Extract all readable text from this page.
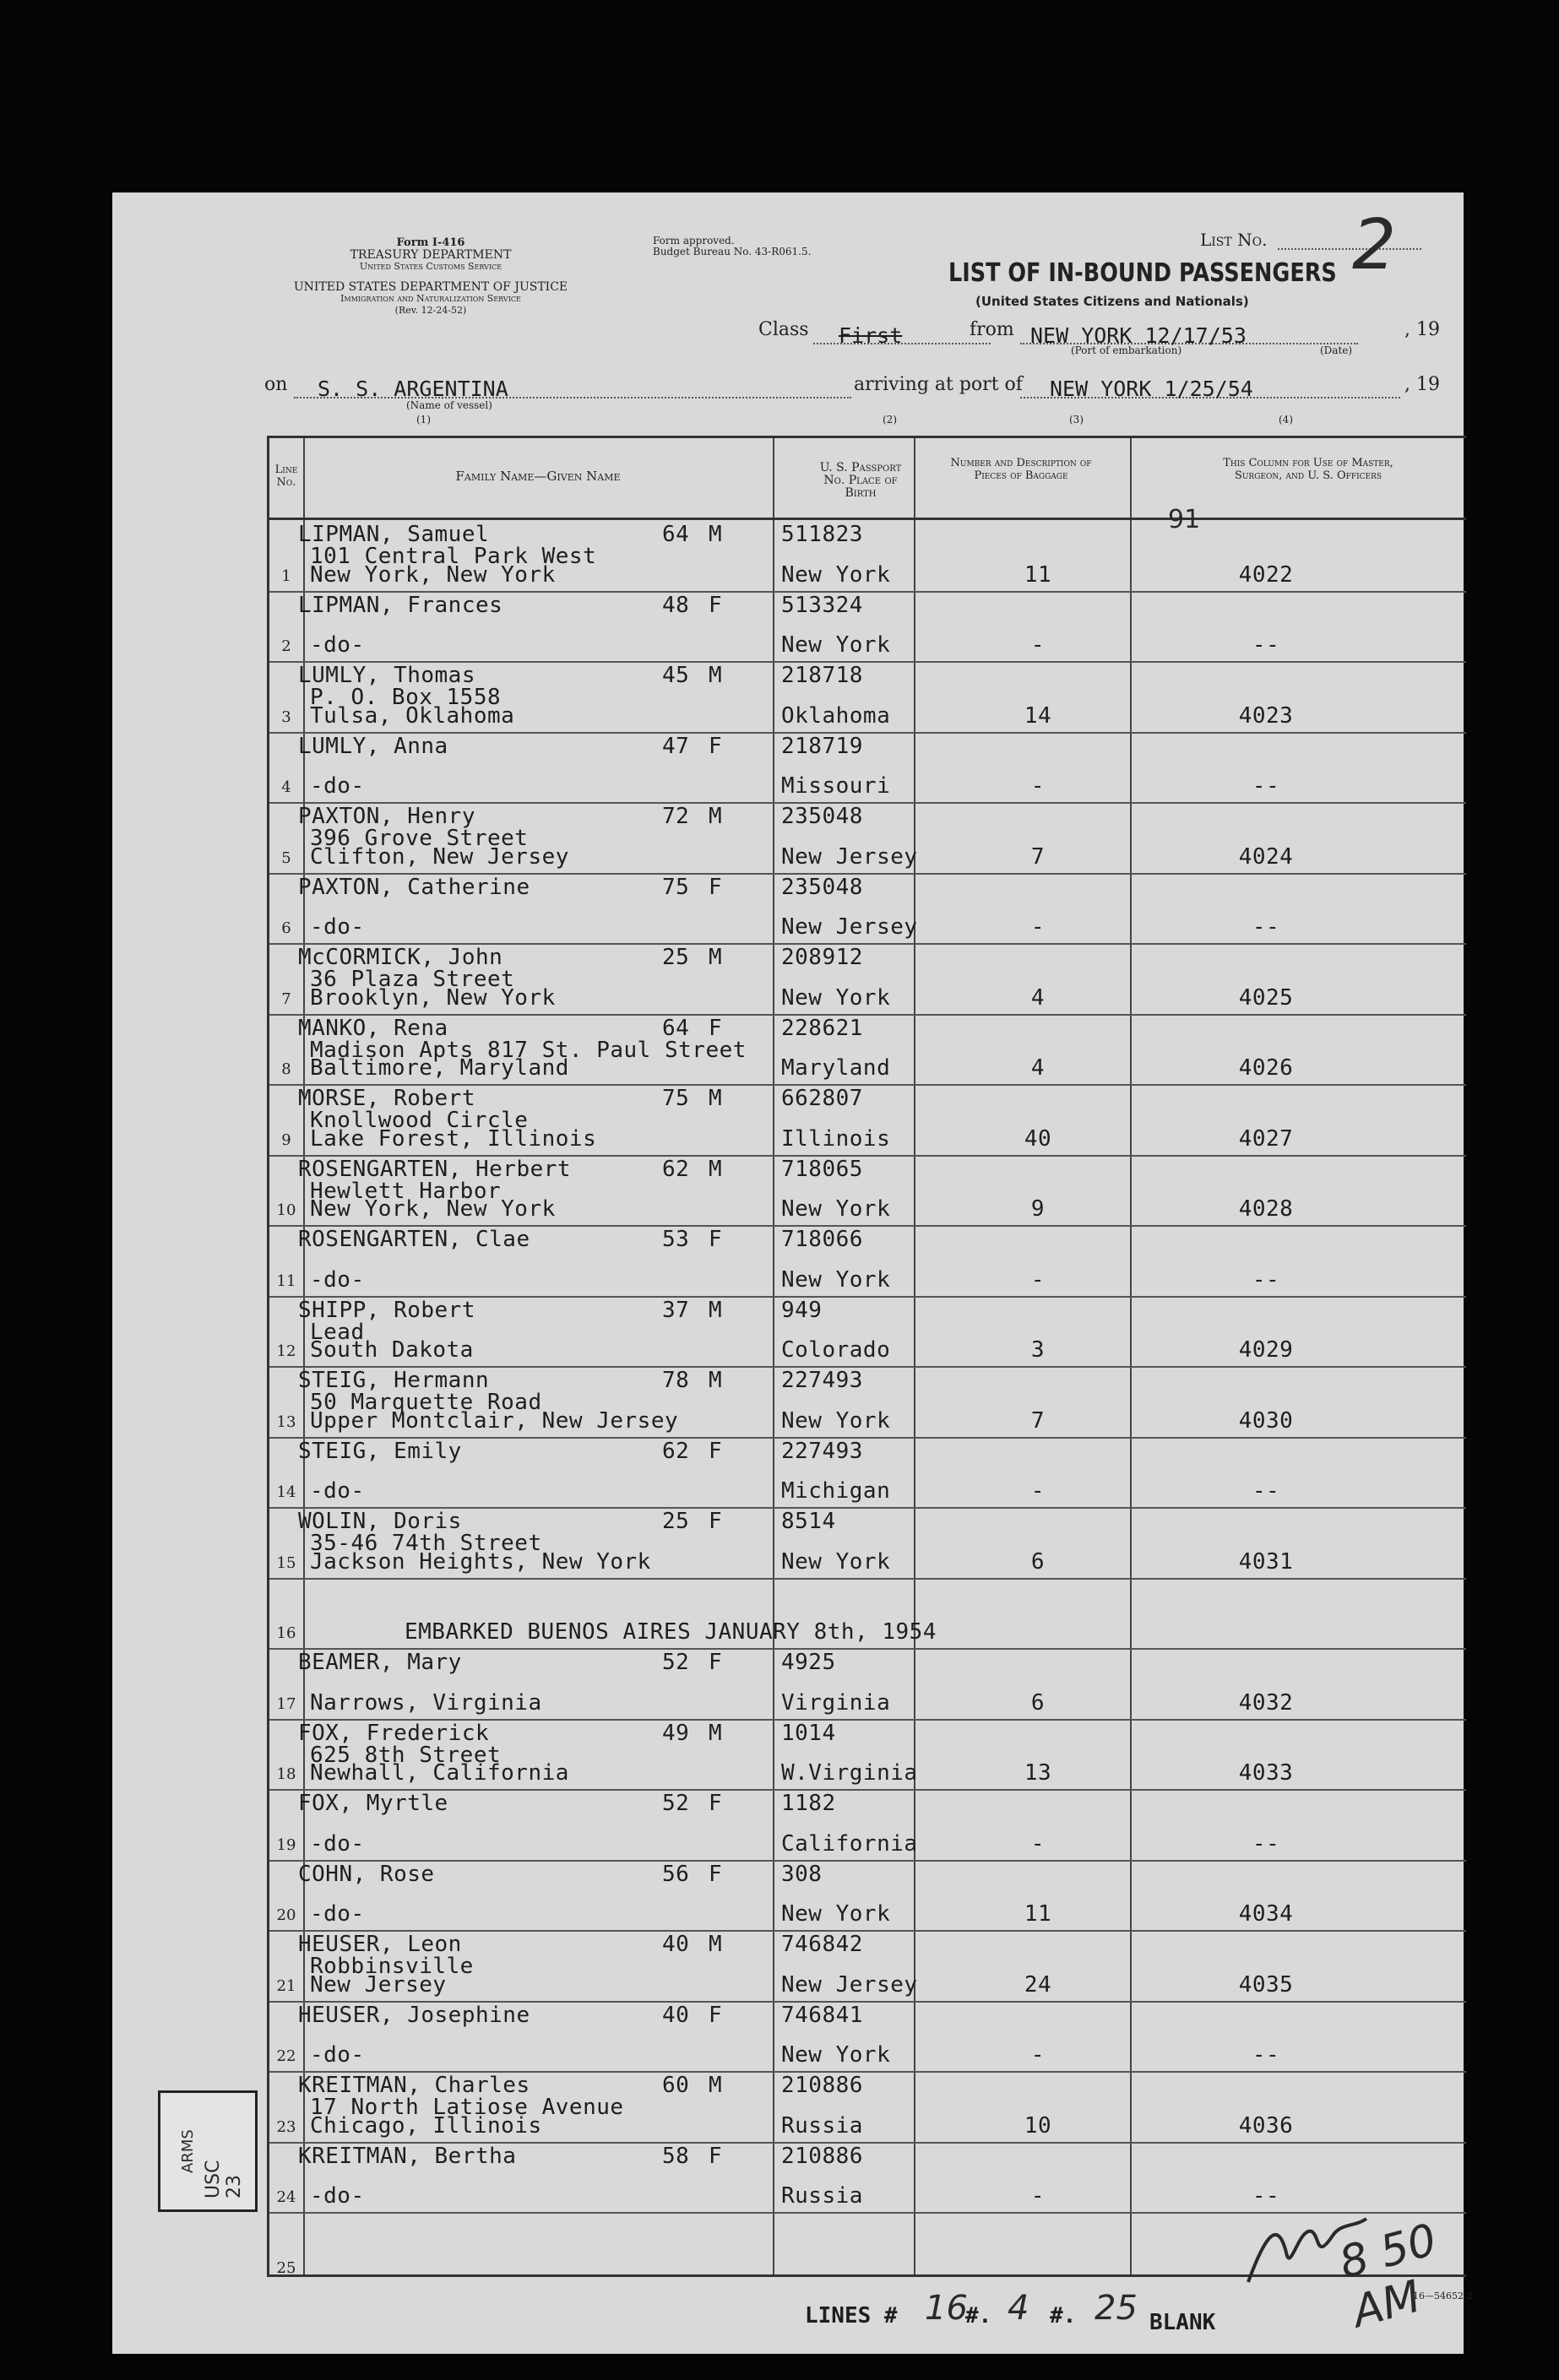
Form I-416
TREASURY DEPARTMENT
United States Customs Service
UNITED STATES DEPARTMENT OF JUSTICE
Immigration and Naturalization Service
(Rev. 12-24-52)
Form approved.
Budget Bureau No. 43-R061.5.
List No. 2
LIST OF IN-BOUND PASSENGERS
(United States Citizens and Nationals)
Class First	from NEW YORK 12/17/53
(Port of embarkation)	(Date)
, 19
on S. S. ARGENTINA
(Name of vessel)
arriving at port of NEW YORK 1/25/54	, 19
(1)	(2)	(3)	(4)
Line No.	Family Name—Given Name
U. S. Passport No. Place of Birth
Number and Description of Pieces of Baggage
This Column for Use of Master, Surgeon, and U. S. Officers
1
LIPMAN, Samuel	64 M	511823
101 Central Park West
New York, New York	New York	11	4022
2
LIPMAN, Frances	48 F	513324
-do-	New York	-	--
3
LUMLY, Thomas	45 M	218718
P. O. Box 1558
Tulsa, Oklahoma	Oklahoma	14	4023
4
LUMLY, Anna	47 F	218719
-do-	Missouri	-	--
5
PAXTON, Henry	72 M	235048
396 Grove Street
Clifton, New Jersey	New Jersey	7	4024
6
PAXTON, Catherine	75 F	235048
-do-	New Jersey	-	--
7
McCORMICK, John	25 M	208912
36 Plaza Street
Brooklyn, New York	New York	4	4025
8
MANKO, Rena	64 F	228621
Madison Apts 817 St. Paul Street
Baltimore, Maryland	Maryland	4	4026
9
MORSE, Robert	75 M	662807
Knollwood Circle
Lake Forest, Illinois	Illinois	40	4027
10
ROSENGARTEN, Herbert	62 M	718065
Hewlett Harbor
New York, New York	New York	9	4028
11
ROSENGARTEN, Clae	53 F	718066
-do-	New York	-	--
12
SHIPP, Robert	37 M	949
Lead
South Dakota	Colorado	3	4029
13
STEIG, Hermann	78 M	227493
50 Marquette Road
Upper Montclair, New Jersey	New York	7	4030
14
STEIG, Emily	62 F	227493
-do-	Michigan	-	--
15
WOLIN, Doris	25 F	8514
35-46 74th Street
Jackson Heights, New York	New York	6	4031
16	EMBARKED BUENOS AIRES JANUARY 8th, 1954
17
BEAMER, Mary	52 F	4925
Narrows, Virginia	Virginia	6	4032
18
FOX, Frederick	49 M	1014
625 8th Street
Newhall, California	W.Virginia	13	4033
19
FOX, Myrtle	52 F	1182
-do-	California	-	--
20
COHN, Rose	56 F	308
-do-	New York	11	4034
21
HEUSER, Leon	40 M	746842
Robbinsville
New Jersey	New Jersey	24	4035
22
HEUSER, Josephine	40 F	746841
-do-	New York	-	--
23
KREITMAN, Charles	60 M	210886
17 North Latiose Avenue
Chicago, Illinois	Russia	10	4036
24
KREITMAN, Bertha	58 F	210886
-do-	Russia	-	--
25
91
ARMS
USC 23
8 50 AM
LINES # 16
#. 4 #. 25 BLANK
16—54652-2
